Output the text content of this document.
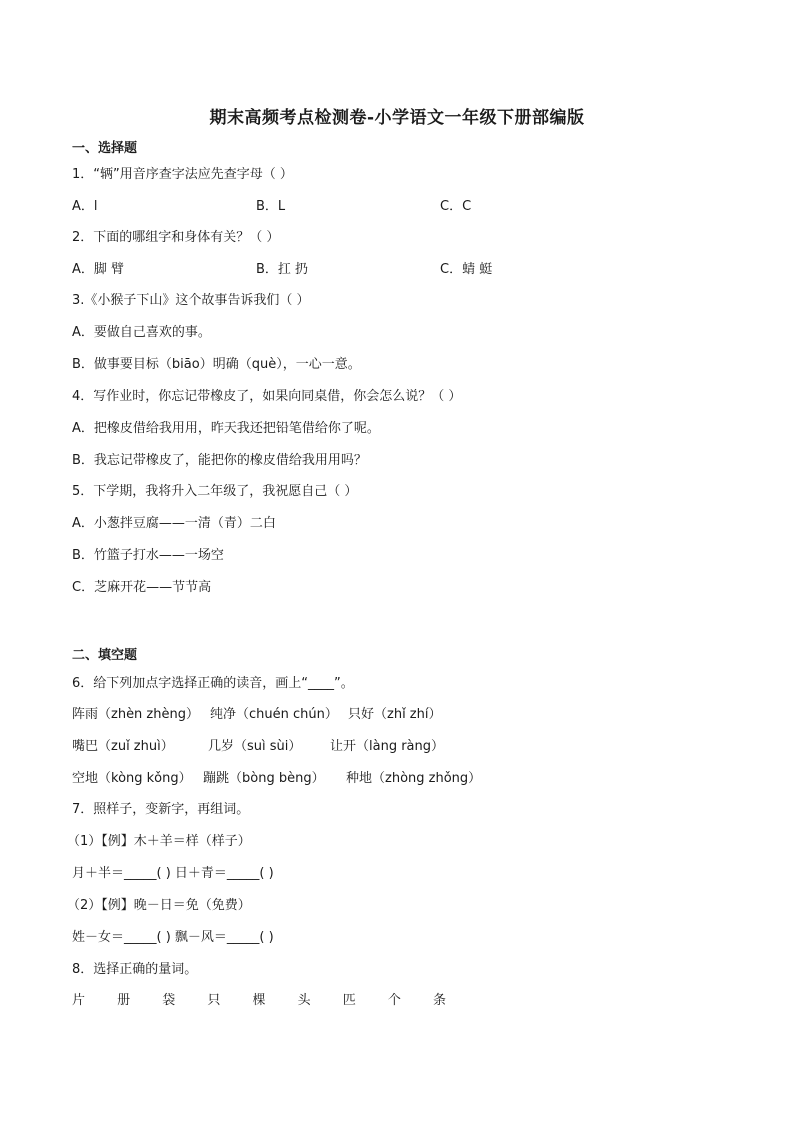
期末高频考点检测卷-小学语文一年级下册部编版
一、选择题
1．“辆”用音序查字法应先查字母（ ）
A．l	B．L	C．C
2．下面的哪组字和身体有关？（ ）
A．脚 臂	B．扛 扔	C．蜻 蜓
3.《小猴子下山》这个故事告诉我们（ ）
A．要做自己喜欢的事。
B．做事要目标（biāo）明确（què），一心一意。
4．写作业时，你忘记带橡皮了，如果向同桌借，你会怎么说？（ ）
A．把橡皮借给我用用，昨天我还把铅笔借给你了呢。
B．我忘记带橡皮了，能把你的橡皮借给我用用吗？
5．下学期，我将升入二年级了，我祝愿自己（ ）
A．小葱拌豆腐——一清（青）二白
B．竹篮子打水——一场空
C．芝麻开花——节节高
二、填空题
6．给下列加点字选择正确的读音，画上“____”。
阵雨（zhèn zhèng） 纯净（chuén chún） 只好（zhǐ zhí）
嘴巴（zuǐ zhuì）	几岁（suì sùi） 让开（làng ràng）
空地（kòng kǒng） 蹦跳（bòng bèng） 种地（zhòng zhǒng）
7．照样子，变新字，再组词。
（1）【例】木＋羊＝样（样子）
月＋半＝_____( ) 日＋青＝_____( )
（2）【例】晚－日＝免（免费）
姓－女＝_____( ) 飘－风＝_____( )
8．选择正确的量词。
片 册 袋 只 棵 头 匹 个 条
